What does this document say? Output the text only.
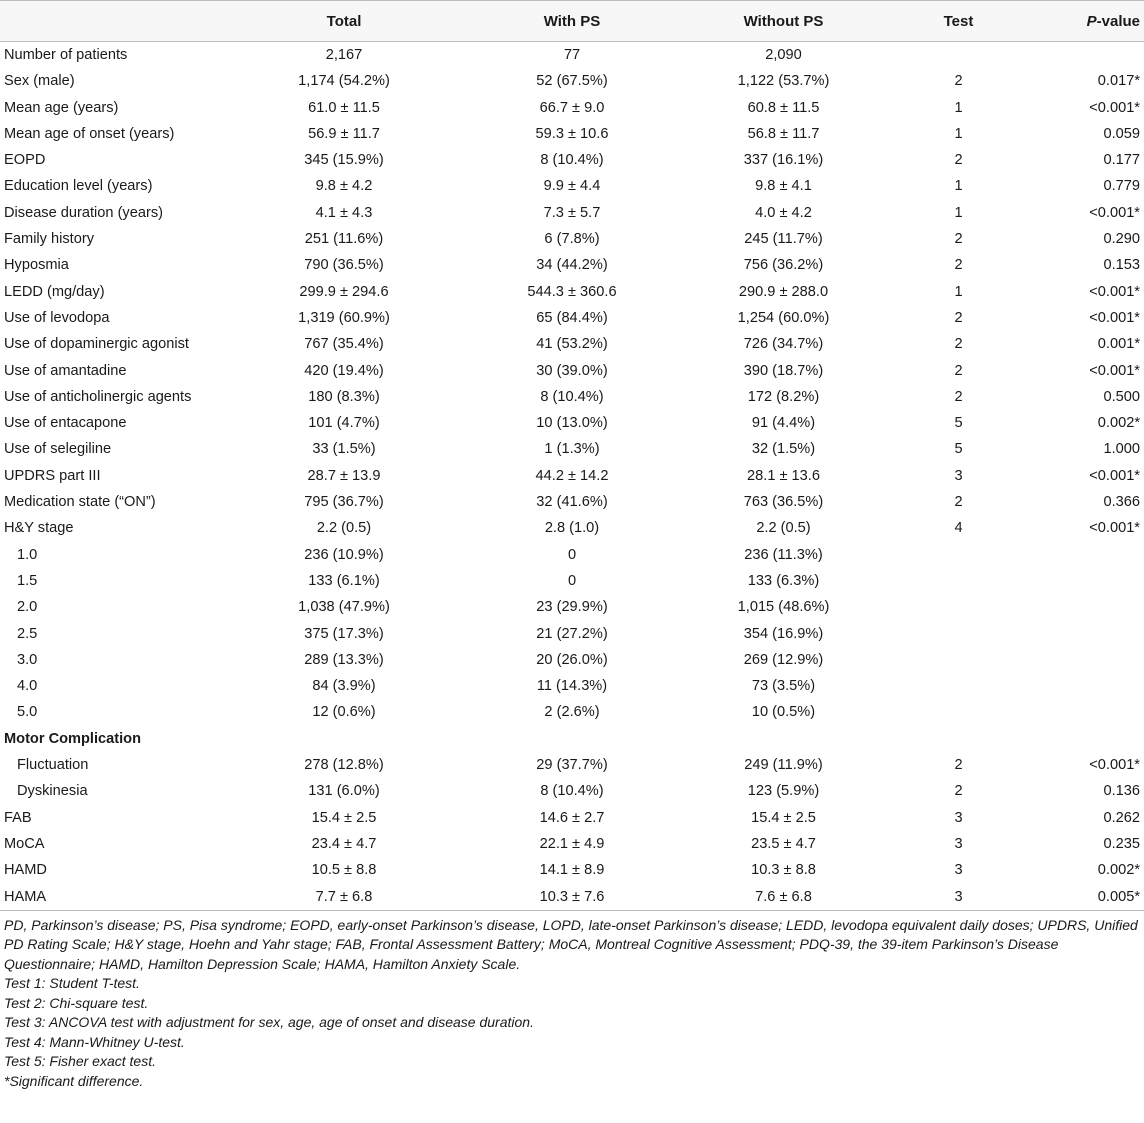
	Total	With PS	Without PS	Test	P-value
Number of patients	2,167	77	2,090		
Sex (male)	1,174 (54.2%)	52 (67.5%)	1,122 (53.7%)	2	0.017*
Mean age (years)	61.0 ± 11.5	66.7 ± 9.0	60.8 ± 11.5	1	<0.001*
Mean age of onset (years)	56.9 ± 11.7	59.3 ± 10.6	56.8 ± 11.7	1	0.059
EOPD	345 (15.9%)	8 (10.4%)	337 (16.1%)	2	0.177
Education level (years)	9.8 ± 4.2	9.9 ± 4.4	9.8 ± 4.1	1	0.779
Disease duration (years)	4.1 ± 4.3	7.3 ± 5.7	4.0 ± 4.2	1	<0.001*
Family history	251 (11.6%)	6 (7.8%)	245 (11.7%)	2	0.290
Hyposmia	790 (36.5%)	34 (44.2%)	756 (36.2%)	2	0.153
LEDD (mg/day)	299.9 ± 294.6	544.3 ± 360.6	290.9 ± 288.0	1	<0.001*
Use of levodopa	1,319 (60.9%)	65 (84.4%)	1,254 (60.0%)	2	<0.001*
Use of dopaminergic agonist	767 (35.4%)	41 (53.2%)	726 (34.7%)	2	0.001*
Use of amantadine	420 (19.4%)	30 (39.0%)	390 (18.7%)	2	<0.001*
Use of anticholinergic agents	180 (8.3%)	8 (10.4%)	172 (8.2%)	2	0.500
Use of entacapone	101 (4.7%)	10 (13.0%)	91 (4.4%)	5	0.002*
Use of selegiline	33 (1.5%)	1 (1.3%)	32 (1.5%)	5	1.000
UPDRS part III	28.7 ± 13.9	44.2 ± 14.2	28.1 ± 13.6	3	<0.001*
Medication state (“ON”)	795 (36.7%)	32 (41.6%)	763 (36.5%)	2	0.366
H&Y stage	2.2 (0.5)	2.8 (1.0)	2.2 (0.5)	4	<0.001*
1.0	236 (10.9%)	0	236 (11.3%)		
1.5	133 (6.1%)	0	133 (6.3%)		
2.0	1,038 (47.9%)	23 (29.9%)	1,015 (48.6%)		
2.5	375 (17.3%)	21 (27.2%)	354 (16.9%)		
3.0	289 (13.3%)	20 (26.0%)	269 (12.9%)		
4.0	84 (3.9%)	11 (14.3%)	73 (3.5%)		
5.0	12 (0.6%)	2 (2.6%)	10 (0.5%)		
Motor Complication					
Fluctuation	278 (12.8%)	29 (37.7%)	249 (11.9%)	2	<0.001*
Dyskinesia	131 (6.0%)	8 (10.4%)	123 (5.9%)	2	0.136
FAB	15.4 ± 2.5	14.6 ± 2.7	15.4 ± 2.5	3	0.262
MoCA	23.4 ± 4.7	22.1 ± 4.9	23.5 ± 4.7	3	0.235
HAMD	10.5 ± 8.8	14.1 ± 8.9	10.3 ± 8.8	3	0.002*
HAMA	7.7 ± 6.8	10.3 ± 7.6	7.6 ± 6.8	3	0.005*

PD, Parkinson’s disease; PS, Pisa syndrome; EOPD, early-onset Parkinson’s disease, LOPD, late-onset Parkinson’s disease; LEDD, levodopa equivalent daily doses; UPDRS, Unified PD Rating Scale; H&Y stage, Hoehn and Yahr stage; FAB, Frontal Assessment Battery; MoCA, Montreal Cognitive Assessment; PDQ-39, the 39-item Parkinson’s Disease Questionnaire; HAMD, Hamilton Depression Scale; HAMA, Hamilton Anxiety Scale.

Test 1: Student T-test.

Test 2: Chi-square test.

Test 3: ANCOVA test with adjustment for sex, age, age of onset and disease duration.

Test 4: Mann-Whitney U-test.

Test 5: Fisher exact test.

*Significant difference.
